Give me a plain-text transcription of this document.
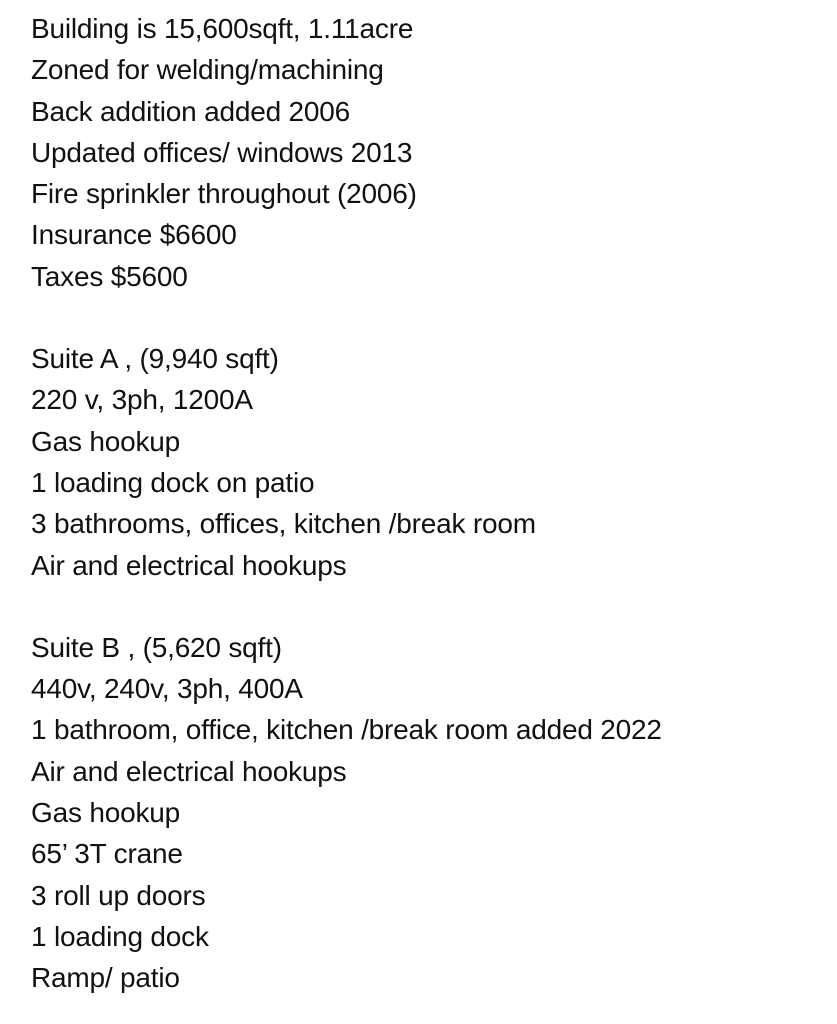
Building is 15,600sqft, 1.11acre
Zoned for welding/machining
Back addition added 2006
Updated offices/ windows 2013
Fire sprinkler throughout (2006)
Insurance $6600
Taxes $5600
Suite A , (9,940 sqft)
220 v, 3ph, 1200A
Gas hookup
1 loading dock on patio
3 bathrooms, offices, kitchen /break room
Air and electrical hookups
Suite B , (5,620 sqft)
440v, 240v, 3ph, 400A
1 bathroom, office, kitchen /break room added 2022
Air and electrical hookups
Gas hookup
65’ 3T crane
3 roll up doors
1 loading dock
Ramp/ patio
